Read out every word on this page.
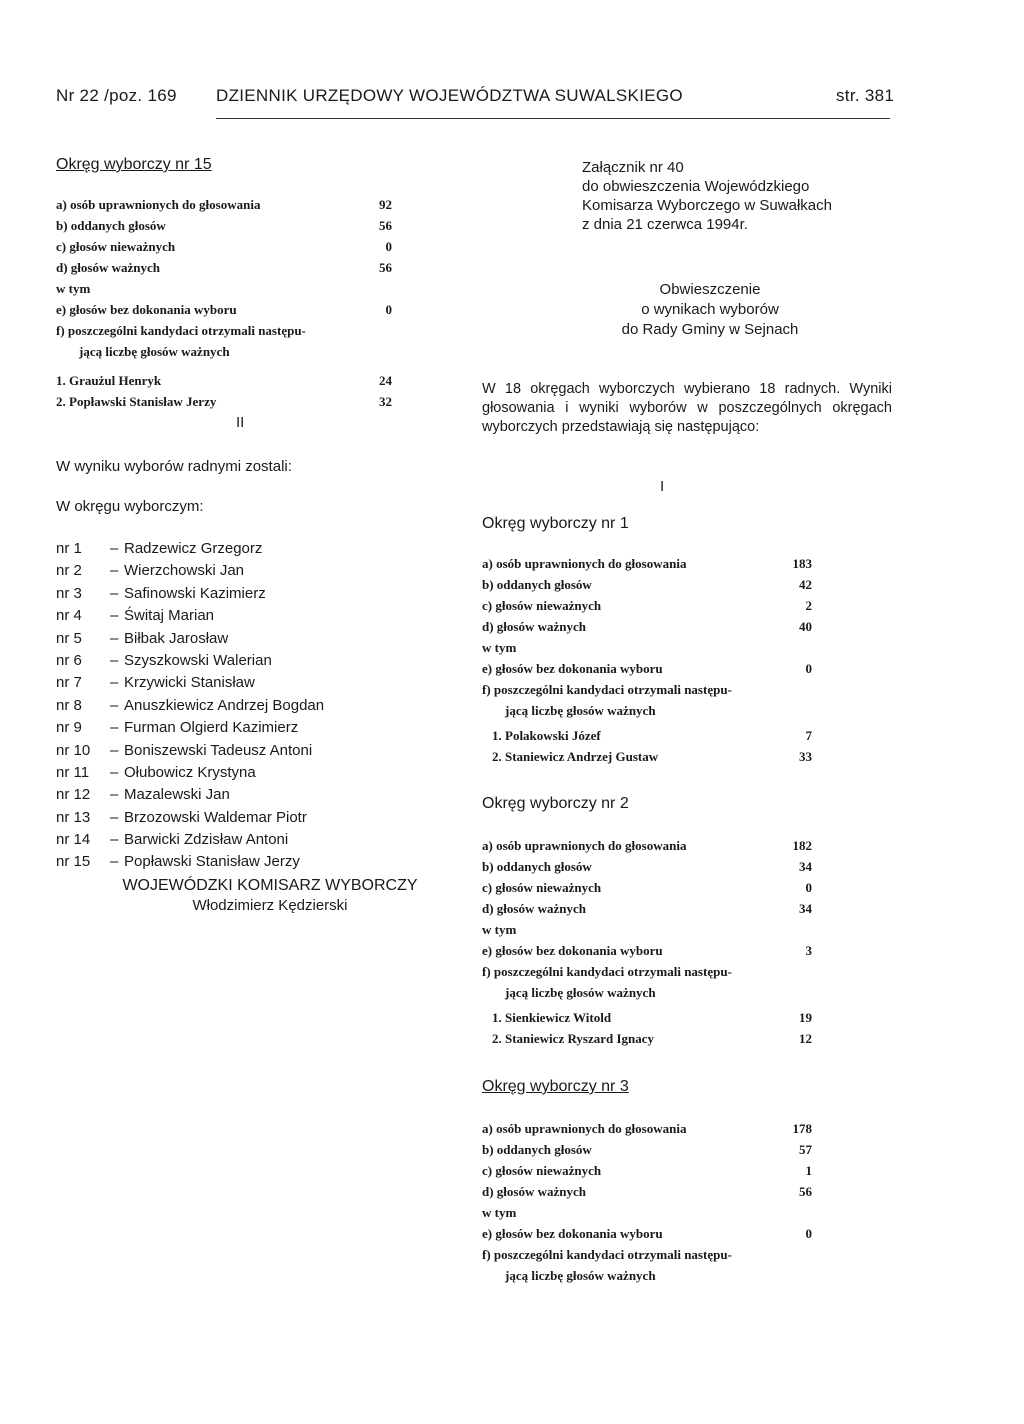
Nr 22 /poz. 169 DZIENNIK URZĘDOWY WOJEWÓDZTWA SUWALSKIEGO	str. 381
Okręg wyborczy nr 15
a) osób uprawnionych do głosowania	92
b) oddanych głosów	56
c) głosów nieważnych	0
d) głosów ważnych	56
w tym
e) głosów bez dokonania wyboru	0
f) poszczególni kandydaci otrzymali następu-
jącą liczbę głosów ważnych
1. Graużul Henryk	24
2. Popławski Stanisław Jerzy	32
II
W wyniku wyborów radnymi zostali:
W okręgu wyborczym:
nr 1	– Radzewicz Grzegorz
nr 2	– Wierzchowski Jan
nr 3	– Safinowski Kazimierz
nr 4	– Świtaj Marian
nr 5	– Biłbak Jarosław
nr 6	– Szyszkowski Walerian
nr 7	– Krzywicki Stanisław
nr 8	– Anuszkiewicz Andrzej Bogdan
nr 9	– Furman Olgierd Kazimierz
nr 10	– Boniszewski Tadeusz Antoni
nr 11	– Ołubowicz Krystyna
nr 12	– Mazalewski Jan
nr 13	– Brzozowski Waldemar Piotr
nr 14	– Barwicki Zdzisław Antoni
nr 15	– Popławski Stanisław Jerzy
WOJEWÓDZKI KOMISARZ WYBORCZY
Włodzimierz Kędzierski
Załącznik nr 40
do obwieszczenia Wojewódzkiego
Komisarza Wyborczego w Suwałkach
z dnia 21 czerwca 1994r.
Obwieszczenie
o wynikach wyborów
do Rady Gminy w Sejnach
W 18 okręgach wyborczych wybierano 18 radnych. Wyniki głosowania i wyniki wyborów w poszczególnych okręgach wyborczych przedstawiają się następująco:
I
Okręg wyborczy nr 1
a) osób uprawnionych do głosowania	183
b) oddanych głosów	42
c) głosów nieważnych	2
d) głosów ważnych	40
w tym
e) głosów bez dokonania wyboru	0
f) poszczególni kandydaci otrzymali następu-
jącą liczbę głosów ważnych
1. Polakowski Józef	7
2. Staniewicz Andrzej Gustaw	33
Okręg wyborczy nr 2
a) osób uprawnionych do głosowania	182
b) oddanych głosów	34
c) głosów nieważnych	0
d) głosów ważnych	34
w tym
e) głosów bez dokonania wyboru	3
f) poszczególni kandydaci otrzymali następu-
jącą liczbę głosów ważnych
1. Sienkiewicz Witold	19
2. Staniewicz Ryszard Ignacy	12
Okręg wyborczy nr 3
a) osób uprawnionych do głosowania	178
b) oddanych głosów	57
c) głosów nieważnych	1
d) głosów ważnych	56
w tym
e) głosów bez dokonania wyboru	0
f) poszczególni kandydaci otrzymali następu-
jącą liczbę głosów ważnych
